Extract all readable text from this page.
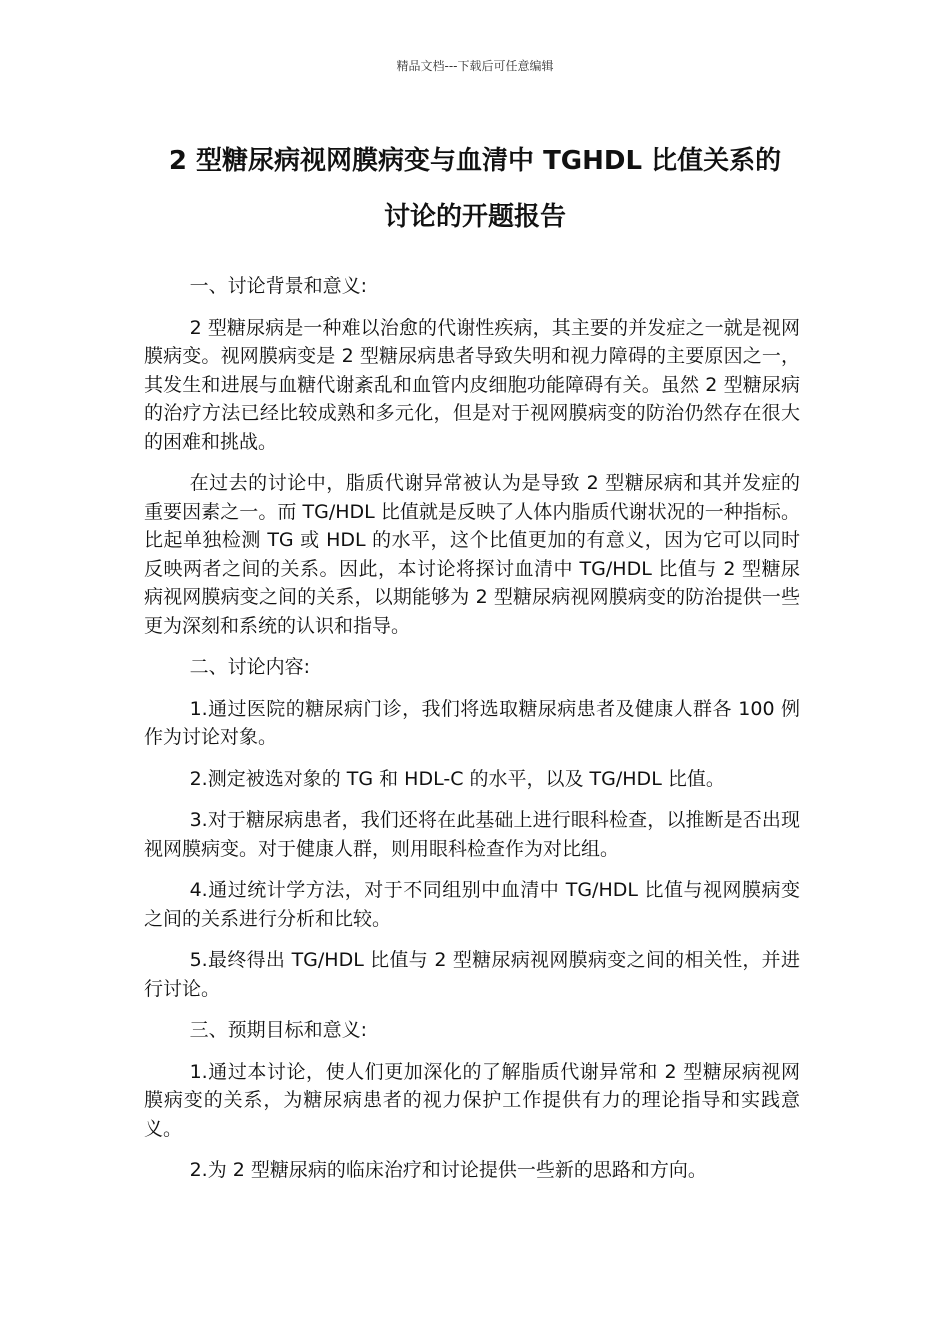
精品文档---下载后可任意编辑
2 型糖尿病视网膜病变与血清中 TGHDL 比值关系的
讨论的开题报告

一、讨论背景和意义:

2 型糖尿病是一种难以治愈的代谢性疾病，其主要的并发症之一就是视网膜病变。视网膜病变是 2 型糖尿病患者导致失明和视力障碍的主要原因之一，其发生和进展与血糖代谢紊乱和血管内皮细胞功能障碍有关。虽然 2 型糖尿病的治疗方法已经比较成熟和多元化，但是对于视网膜病变的防治仍然存在很大的困难和挑战。

在过去的讨论中，脂质代谢异常被认为是导致 2 型糖尿病和其并发症的重要因素之一。而 TG/HDL 比值就是反映了人体内脂质代谢状况的一种指标。比起单独检测 TG 或 HDL 的水平，这个比值更加的有意义，因为它可以同时反映两者之间的关系。因此，本讨论将探讨血清中 TG/HDL 比值与 2 型糖尿病视网膜病变之间的关系，以期能够为 2 型糖尿病视网膜病变的防治提供一些更为深刻和系统的认识和指导。

二、讨论内容:

1.通过医院的糖尿病门诊，我们将选取糖尿病患者及健康人群各 100 例作为讨论对象。

2.测定被选对象的 TG 和 HDL-C 的水平，以及 TG/HDL 比值。

3.对于糖尿病患者，我们还将在此基础上进行眼科检查，以推断是否出现视网膜病变。对于健康人群，则用眼科检查作为对比组。

4.通过统计学方法，对于不同组别中血清中 TG/HDL 比值与视网膜病变之间的关系进行分析和比较。

5.最终得出 TG/HDL 比值与 2 型糖尿病视网膜病变之间的相关性，并进行讨论。

三、预期目标和意义:

1.通过本讨论，使人们更加深化的了解脂质代谢异常和 2 型糖尿病视网膜病变的关系，为糖尿病患者的视力保护工作提供有力的理论指导和实践意义。

2.为 2 型糖尿病的临床治疗和讨论提供一些新的思路和方向。
